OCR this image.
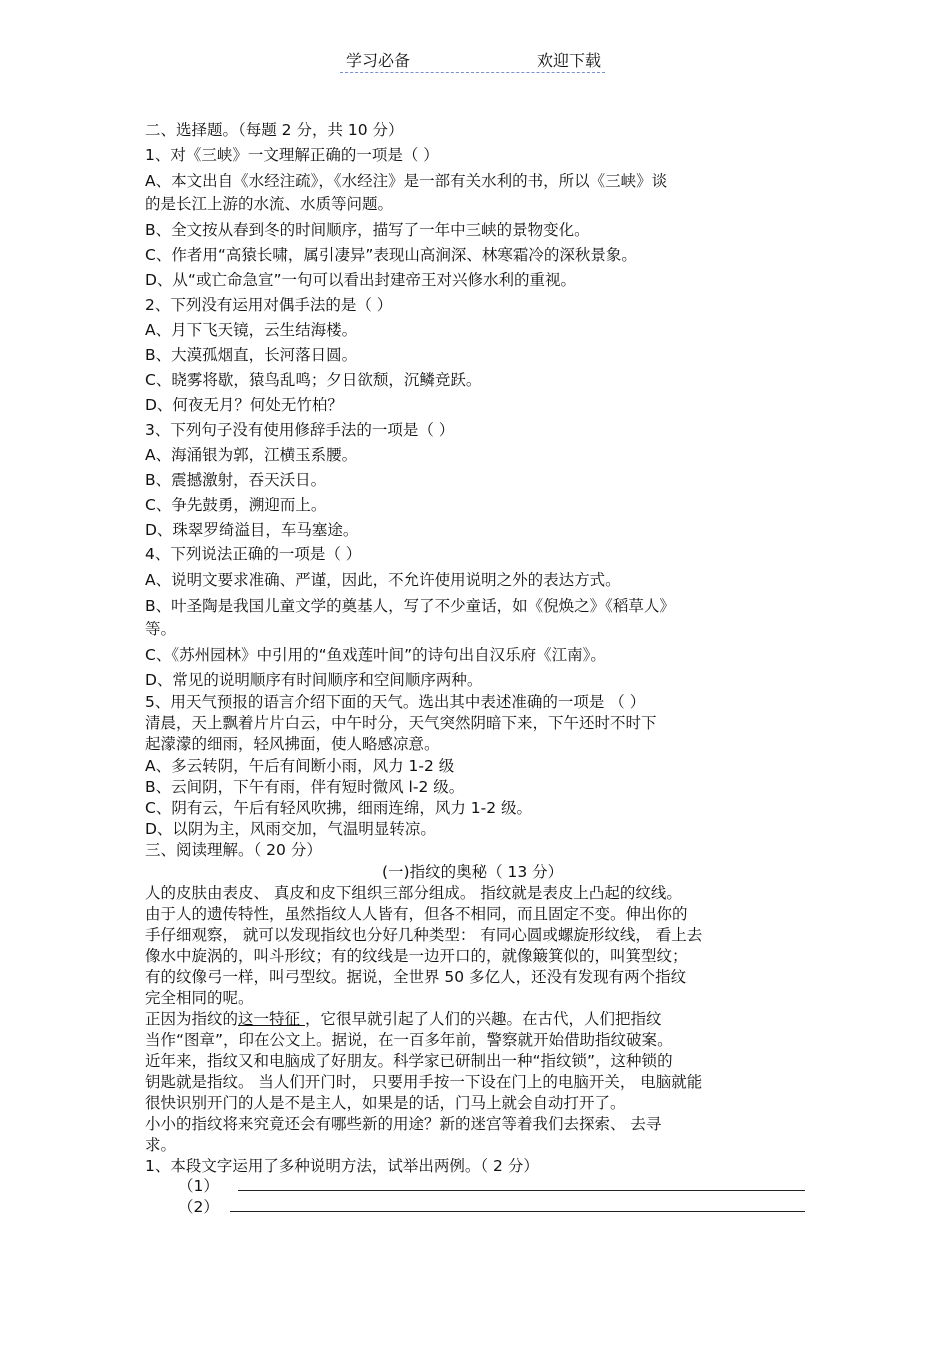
学习必备	欢迎下载
二、选择题。（每题 2 分，共 10 分）
1、对《三峡》一文理解正确的一项是（ ）
A、本文出自《水经注疏》，《水经注》是一部有关水利的书，所以《三峡》谈
的是长江上游的水流、水质等问题。
B、全文按从春到冬的时间顺序，描写了一年中三峡的景物变化。
C、作者用“高猿长啸，属引凄异”表现山高涧深、林寒霜冷的深秋景象。
D、从“或亡命急宣”一句可以看出封建帝王对兴修水利的重视。
2、下列没有运用对偶手法的是（ ）
A、月下飞天镜，云生结海楼。
B、大漠孤烟直，长河落日圆。
C、晓雾将歇，猿鸟乱鸣；夕日欲颓，沉鳞竞跃。
D、何夜无月？何处无竹柏？
3、下列句子没有使用修辞手法的一项是（ ）
A、海涌银为郭，江横玉系腰。
B、震撼激射，吞天沃日。
C、争先鼓勇，溯迎而上。
D、珠翠罗绮溢目，车马塞途。
4、下列说法正确的一项是（ ）
A、说明文要求准确、严谨，因此，不允许使用说明之外的表达方式。
B、叶圣陶是我国儿童文学的奠基人，写了不少童话，如《倪焕之》《稻草人》
等。
C、《苏州园林》中引用的“鱼戏莲叶间”的诗句出自汉乐府《江南》。
D、常见的说明顺序有时间顺序和空间顺序两种。
5、用天气预报的语言介绍下面的天气。选出其中表述准确的一项是 （ ）
清晨，天上飘着片片白云，中午时分，天气突然阴暗下来，下午还时不时下
起濛濛的细雨，轻风拂面，使人略感凉意。
A、多云转阴，午后有间断小雨，风力 1-2 级
B、云间阴，下午有雨，伴有短时微风 l-2 级。
C、阴有云，午后有轻风吹拂，细雨连绵，风力 1-2 级。
D、以阴为主，风雨交加，气温明显转凉。
三、阅读理解。（ 20 分）
(一)指纹的奥秘（ 13 分）
人的皮肤由表皮、 真皮和皮下组织三部分组成。 指纹就是表皮上凸起的纹线。
由于人的遗传特性，虽然指纹人人皆有，但各不相同，而且固定不变。伸出你的
手仔细观察， 就可以发现指纹也分好几种类型： 有同心圆或螺旋形纹线， 看上去
像水中旋涡的，叫斗形纹；有的纹线是一边开口的，就像簸箕似的，叫箕型纹；
有的纹像弓一样，叫弓型纹。据说，全世界 50 多亿人，还没有发现有两个指纹
完全相同的呢。
正因为指纹的这一特征 ，它很早就引起了人们的兴趣。在古代，人们把指纹
当作“图章”，印在公文上。据说，在一百多年前，警察就开始借助指纹破案。
近年来，指纹又和电脑成了好朋友。科学家已研制出一种“指纹锁”，这种锁的
钥匙就是指纹。 当人们开门时， 只要用手按一下设在门上的电脑开关， 电脑就能
很快识别开门的人是不是主人，如果是的话，门马上就会自动打开了。
小小的指纹将来究竟还会有哪些新的用途？新的迷宫等着我们去探索、 去寻
求。
1、本段文字运用了多种说明方法，试举出两例。（ 2 分）
（1）
（2）
